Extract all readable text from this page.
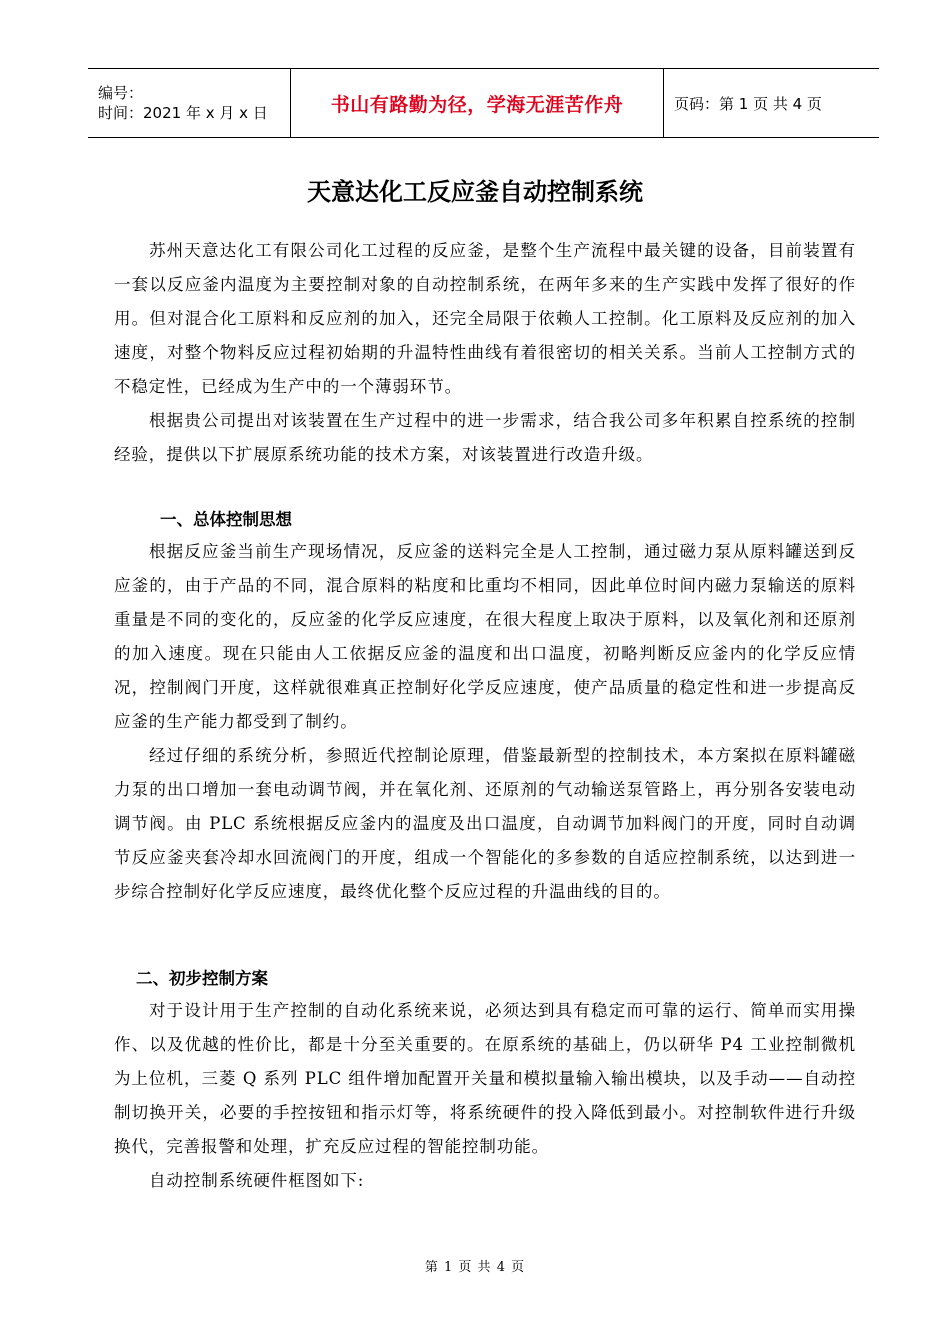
编号：
时间：2021 年 x 月 x 日	书山有路勤为径，学海无涯苦作舟	页码：第 1 页 共 4 页
天意达化工反应釜自动控制系统

苏州天意达化工有限公司化工过程的反应釜，是整个生产流程中最关键的设备，目前装置有一套以反应釜内温度为主要控制对象的自动控制系统，在两年多来的生产实践中发挥了很好的作用。但对混合化工原料和反应剂的加入，还完全局限于依赖人工控制。化工原料及反应剂的加入速度，对整个物料反应过程初始期的升温特性曲线有着很密切的相关关系。当前人工控制方式的不稳定性，已经成为生产中的一个薄弱环节。

根据贵公司提出对该装置在生产过程中的进一步需求，结合我公司多年积累自控系统的控制经验，提供以下扩展原系统功能的技术方案，对该装置进行改造升级。

一、总体控制思想

根据反应釜当前生产现场情况，反应釜的送料完全是人工控制，通过磁力泵从原料罐送到反应釜的，由于产品的不同，混合原料的粘度和比重均不相同，因此单位时间内磁力泵输送的原料重量是不同的变化的，反应釜的化学反应速度，在很大程度上取决于原料，以及氧化剂和还原剂的加入速度。现在只能由人工依据反应釜的温度和出口温度，初略判断反应釜内的化学反应情况，控制阀门开度，这样就很难真正控制好化学反应速度，使产品质量的稳定性和进一步提高反应釜的生产能力都受到了制约。

经过仔细的系统分析，参照近代控制论原理，借鉴最新型的控制技术，本方案拟在原料罐磁力泵的出口增加一套电动调节阀，并在氧化剂、还原剂的气动输送泵管路上，再分别各安装电动调节阀。由 PLC 系统根据反应釜内的温度及出口温度，自动调节加料阀门的开度，同时自动调节反应釜夹套冷却水回流阀门的开度，组成一个智能化的多参数的自适应控制系统，以达到进一步综合控制好化学反应速度，最终优化整个反应过程的升温曲线的目的。

二、初步控制方案

对于设计用于生产控制的自动化系统来说，必须达到具有稳定而可靠的运行、简单而实用操作、以及优越的性价比，都是十分至关重要的。在原系统的基础上，仍以研华 P4 工业控制微机为上位机，三菱 Q 系列 PLC 组件增加配置开关量和模拟量输入输出模块，以及手动——自动控制切换开关，必要的手控按钮和指示灯等，将系统硬件的投入降低到最小。对控制软件进行升级换代，完善报警和处理，扩充反应过程的智能控制功能。

自动控制系统硬件框图如下:

第 1 页 共 4 页
